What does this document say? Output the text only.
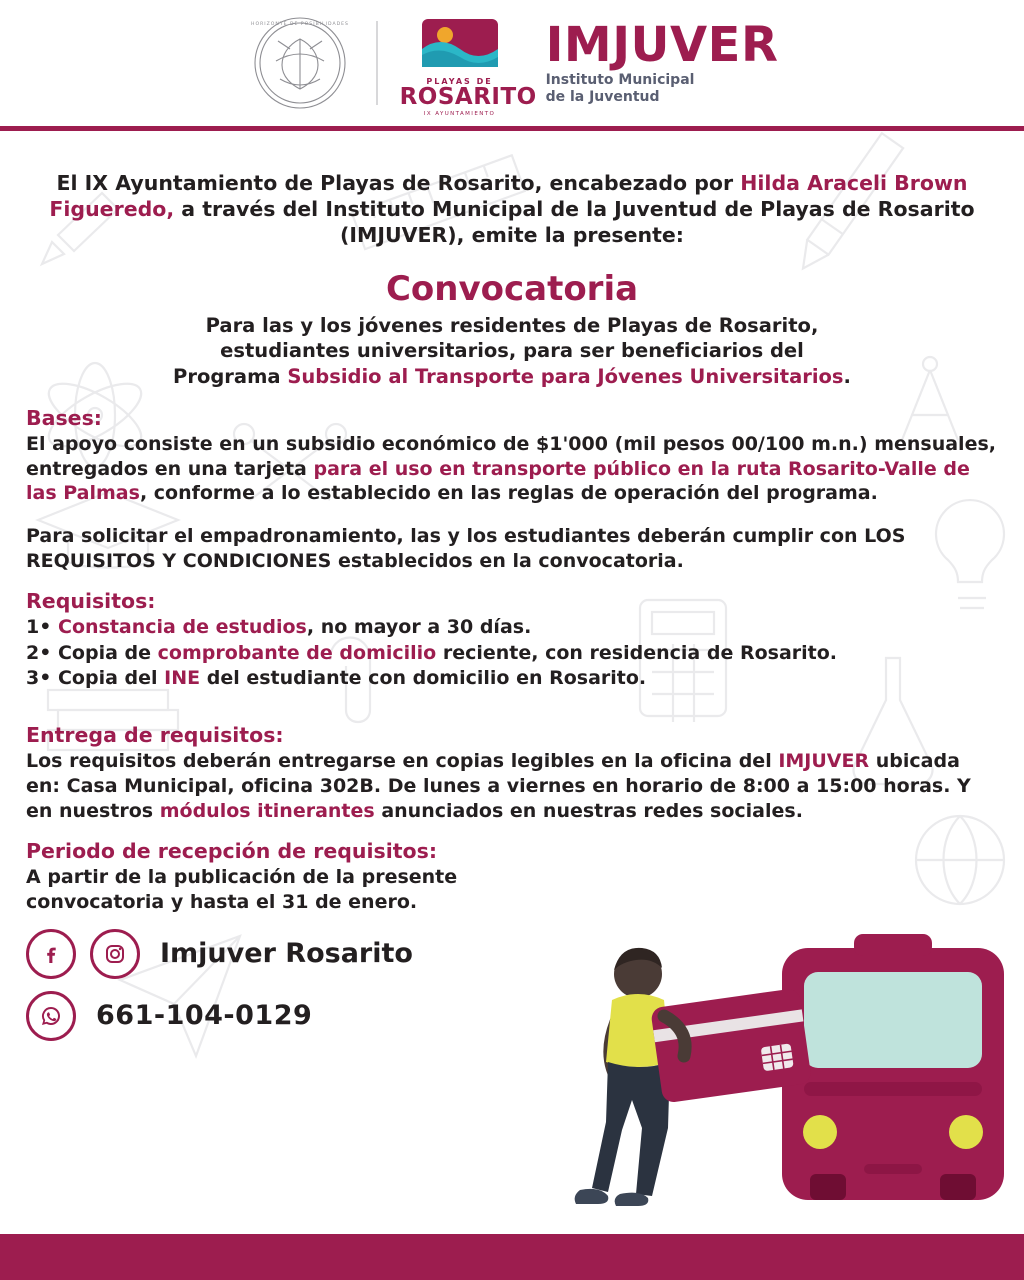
HORIZONTE DE POSIBILIDADES
PLAYAS DE
ROSARITO
IX AYUNTAMIENTO
IMJUVER
Instituto Municipal
de la Juventud

El IX Ayuntamiento de Playas de Rosarito, encabezado por Hilda Araceli Brown Figueredo, a través del Instituto Municipal de la Juventud de Playas de Rosarito (IMJUVER), emite la presente:

Convocatoria
Para las y los jóvenes residentes de Playas de Rosarito,
estudiantes universitarios, para ser beneficiarios del
Programa Subsidio al Transporte para Jóvenes Universitarios.
Bases:
El apoyo consiste en un subsidio económico de $1'000 (mil pesos 00/100 m.n.) mensuales, entregados en una tarjeta para el uso en transporte público en la ruta Rosarito-Valle de las Palmas, conforme a lo establecido en las reglas de operación del programa.
Para solicitar el empadronamiento, las y los estudiantes deberán cumplir con LOS REQUISITOS Y CONDICIONES establecidos en la convocatoria.
Requisitos:
1• Constancia de estudios, no mayor a 30 días.
2• Copia de comprobante de domicilio reciente, con residencia de Rosarito.
3• Copia del INE del estudiante con domicilio en Rosarito.
Entrega de requisitos:
Los requisitos deberán entregarse en copias legibles en la oficina del IMJUVER ubicada en: Casa Municipal, oficina 302B. De lunes a viernes en horario de 8:00 a 15:00 horas. Y en nuestros módulos itinerantes anunciados en nuestras redes sociales.
Periodo de recepción de requisitos:
A partir de la publicación de la presente convocatoria y hasta el 31 de enero.
Imjuver Rosarito
661-104-0129
